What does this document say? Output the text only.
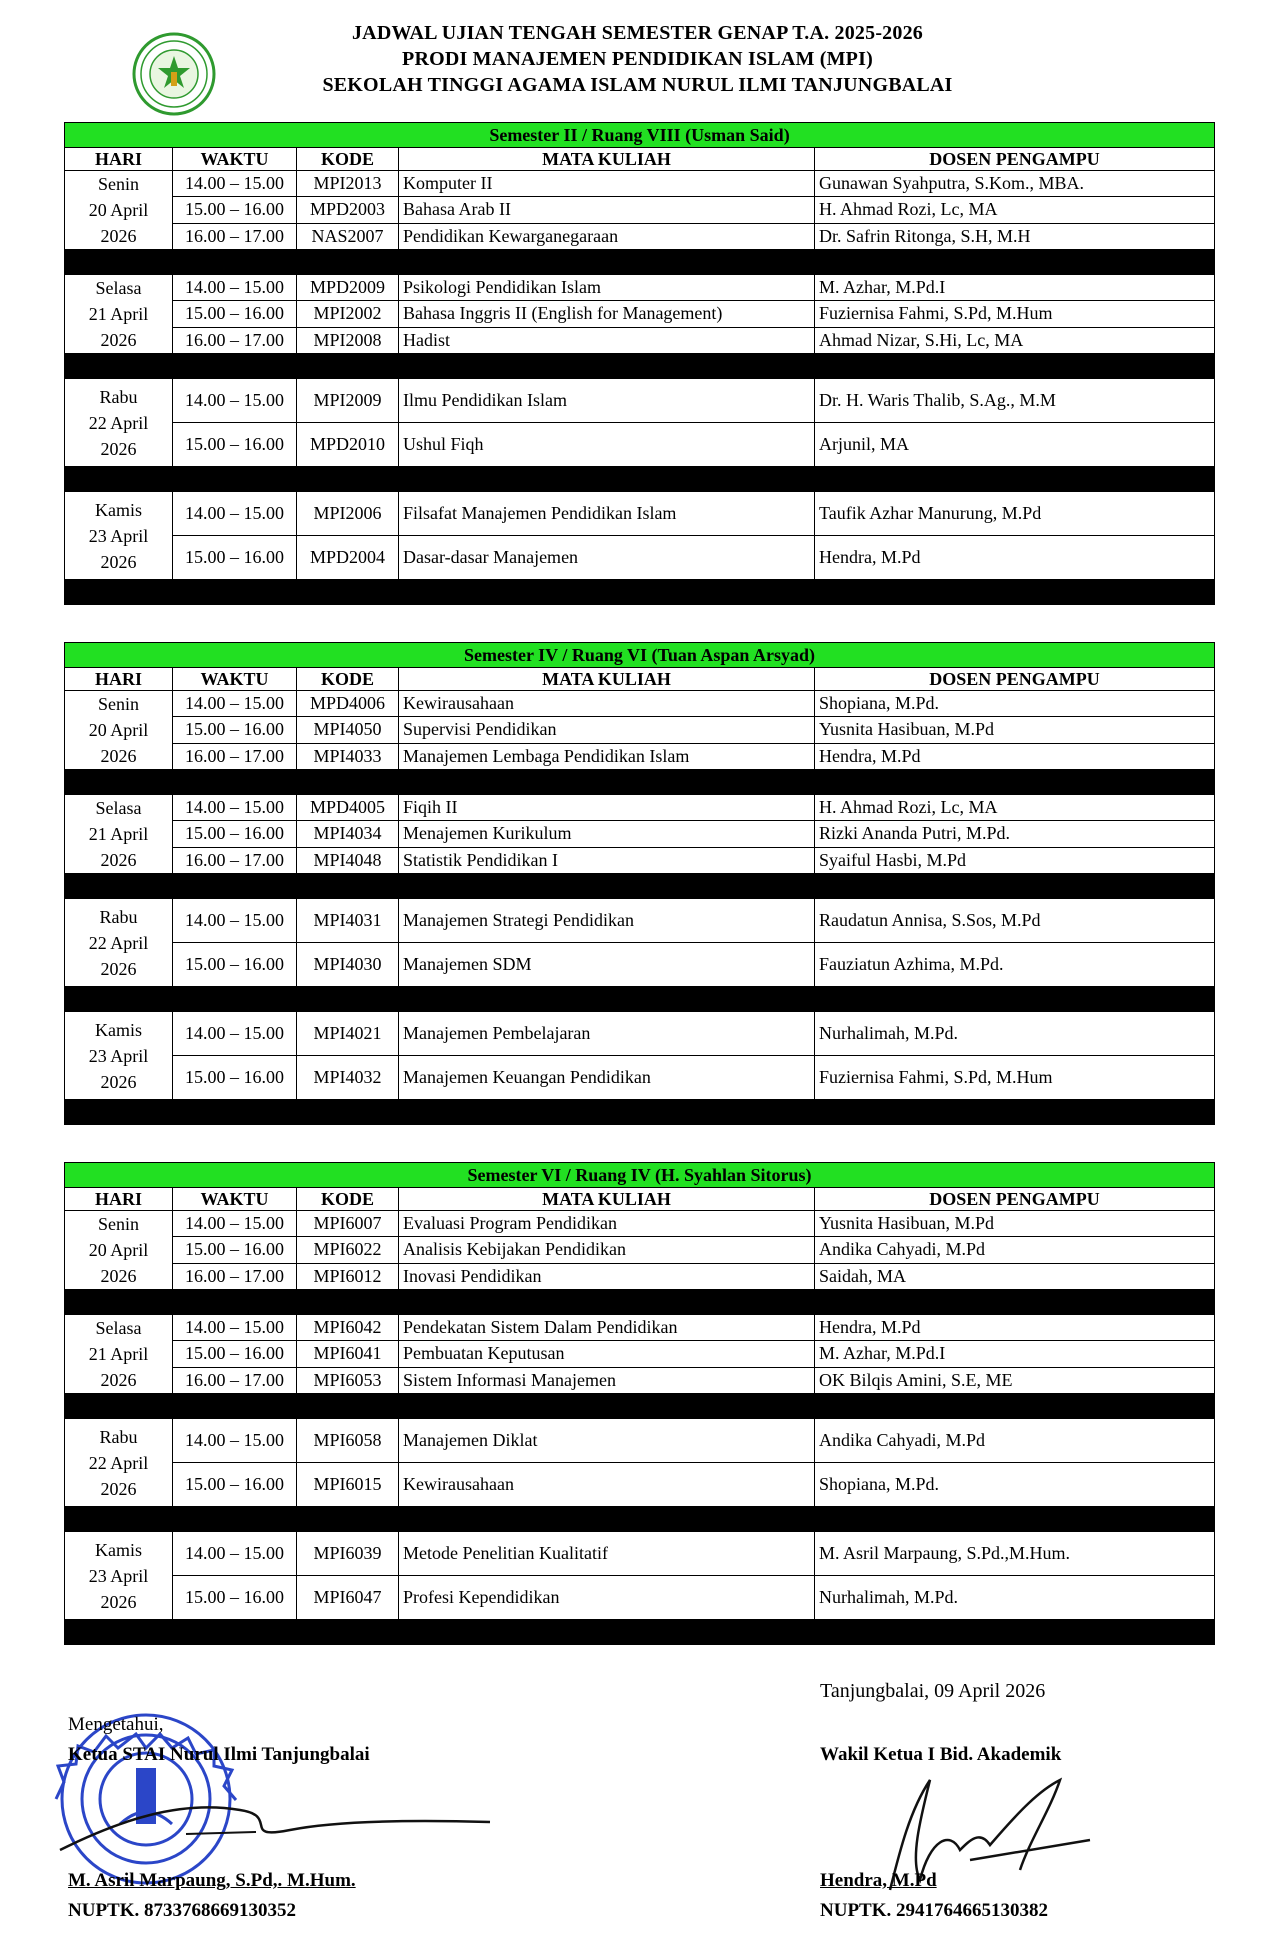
JADWAL UJIAN TENGAH SEMESTER GENAP T.A. 2025-2026
PRODI MANAJEMEN PENDIDIKAN ISLAM (MPI)
SEKOLAH TINGGI AGAMA ISLAM NURUL ILMI TANJUNGBALAI
Semester II / Ruang VIII (Usman Said)				
HARI	WAKTU	KODE	MATA KULIAH	DOSEN PENGAMPU

Senin
20 April
2026	14.00 – 15.00	MPI2013	Komputer II	Gunawan Syahputra, S.Kom., MBA.
	15.00 – 16.00	MPD2003	Bahasa Arab II	H. Ahmad Rozi, Lc, MA
	16.00 – 17.00	NAS2007	Pendidikan Kewarganegaraan	Dr. Safrin Ritonga, S.H, M.H

Selasa
21 April
2026	14.00 – 15.00	MPD2009	Psikologi Pendidikan Islam	M. Azhar, M.Pd.I
	15.00 – 16.00	MPI2002	Bahasa Inggris II (English for Management)	Fuziernisa Fahmi, S.Pd, M.Hum
	16.00 – 17.00	MPI2008	Hadist	Ahmad Nizar, S.Hi, Lc, MA

Rabu
22 April
2026	14.00 – 15.00	MPI2009	Ilmu Pendidikan Islam	Dr. H. Waris Thalib, S.Ag., M.M
	15.00 – 16.00	MPD2010	Ushul Fiqh	Arjunil, MA

Kamis
23 April
2026	14.00 – 15.00	MPI2006	Filsafat Manajemen Pendidikan Islam	Taufik Azhar Manurung, M.Pd
	15.00 – 16.00	MPD2004	Dasar-dasar Manajemen	Hendra, M.Pd

Semester IV / Ruang VI (Tuan Aspan Arsyad)				
HARI	WAKTU	KODE	MATA KULIAH	DOSEN PENGAMPU

Senin
20 April
2026	14.00 – 15.00	MPD4006	Kewirausahaan	Shopiana, M.Pd.
	15.00 – 16.00	MPI4050	Supervisi Pendidikan	Yusnita Hasibuan, M.Pd
	16.00 – 17.00	MPI4033	Manajemen Lembaga Pendidikan Islam	Hendra, M.Pd

Selasa
21 April
2026	14.00 – 15.00	MPD4005	Fiqih II	H. Ahmad Rozi, Lc, MA
	15.00 – 16.00	MPI4034	Menajemen Kurikulum	Rizki Ananda Putri, M.Pd.
	16.00 – 17.00	MPI4048	Statistik Pendidikan I	Syaiful Hasbi, M.Pd

Rabu
22 April
2026	14.00 – 15.00	MPI4031	Manajemen Strategi Pendidikan	Raudatun Annisa, S.Sos, M.Pd
	15.00 – 16.00	MPI4030	Manajemen SDM	Fauziatun Azhima, M.Pd.

Kamis
23 April
2026	14.00 – 15.00	MPI4021	Manajemen Pembelajaran	Nurhalimah, M.Pd.
	15.00 – 16.00	MPI4032	Manajemen Keuangan Pendidikan	Fuziernisa Fahmi, S.Pd, M.Hum

Semester VI / Ruang IV (H. Syahlan Sitorus)				
HARI	WAKTU	KODE	MATA KULIAH	DOSEN PENGAMPU

Senin
20 April
2026	14.00 – 15.00	MPI6007	Evaluasi Program Pendidikan	Yusnita Hasibuan, M.Pd
	15.00 – 16.00	MPI6022	Analisis Kebijakan Pendidikan	Andika Cahyadi, M.Pd
	16.00 – 17.00	MPI6012	Inovasi Pendidikan	Saidah, MA

Selasa
21 April
2026	14.00 – 15.00	MPI6042	Pendekatan Sistem Dalam Pendidikan	Hendra, M.Pd
	15.00 – 16.00	MPI6041	Pembuatan Keputusan	M. Azhar, M.Pd.I
	16.00 – 17.00	MPI6053	Sistem Informasi Manajemen	OK Bilqis Amini, S.E, ME

Rabu
22 April
2026	14.00 – 15.00	MPI6058	Manajemen Diklat	Andika Cahyadi, M.Pd
	15.00 – 16.00	MPI6015	Kewirausahaan	Shopiana, M.Pd.

Kamis
23 April
2026	14.00 – 15.00	MPI6039	Metode Penelitian Kualitatif	M. Asril Marpaung, S.Pd.,M.Hum.
	15.00 – 16.00	MPI6047	Profesi Kependidikan	Nurhalimah, M.Pd.

Tanjungbalai, 09 April 2026
Mengetahui,
Ketua STAI Nurul Ilmi Tanjungbalai
M. Asril Marpaung, S.Pd,. M.Hum.
NUPTK. 8733768669130352
Wakil Ketua I Bid. Akademik
Hendra, M.Pd
NUPTK. 2941764665130382
